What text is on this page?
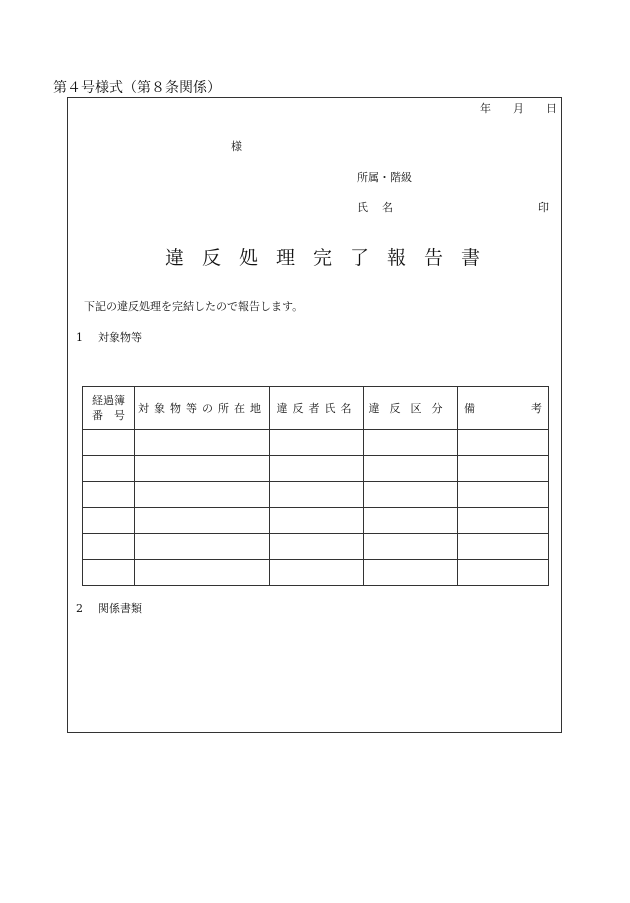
第４号様式（第８条関係）
年 月 日
様
所属・階級
氏名	印
違反処理完了報告書
下記の違反処理を完結したので報告します。
1 対象物等
経過簿
番　号	対象物等の所在地	違反者氏名	違反区分	備 考

2 関係書類
